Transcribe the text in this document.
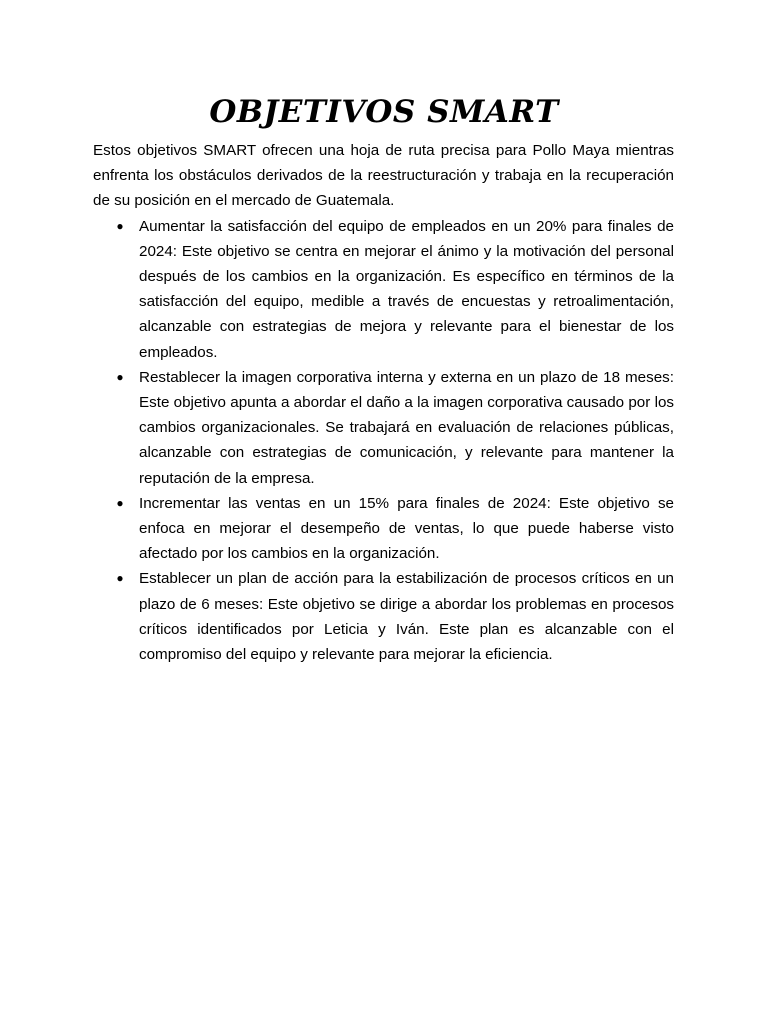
OBJETIVOS SMART

Estos objetivos SMART ofrecen una hoja de ruta precisa para Pollo Maya mientras enfrenta los obstáculos derivados de la reestructuración y trabaja en la recuperación de su posición en el mercado de Guatemala.

● Aumentar la satisfacción del equipo de empleados en un 20% para finales de 2024: Este objetivo se centra en mejorar el ánimo y la motivación del personal después de los cambios en la organización. Es específico en términos de la satisfacción del equipo, medible a través de encuestas y retroalimentación, alcanzable con estrategias de mejora y relevante para el bienestar de los empleados.
● Restablecer la imagen corporativa interna y externa en un plazo de 18 meses: Este objetivo apunta a abordar el daño a la imagen corporativa causado por los cambios organizacionales. Se trabajará en evaluación de relaciones públicas, alcanzable con estrategias de comunicación, y relevante para mantener la reputación de la empresa.
● Incrementar las ventas en un 15% para finales de 2024: Este objetivo se enfoca en mejorar el desempeño de ventas, lo que puede haberse visto afectado por los cambios en la organización.
● Establecer un plan de acción para la estabilización de procesos críticos en un plazo de 6 meses: Este objetivo se dirige a abordar los problemas en procesos críticos identificados por Leticia y Iván. Este plan es alcanzable con el compromiso del equipo y relevante para mejorar la eficiencia.
